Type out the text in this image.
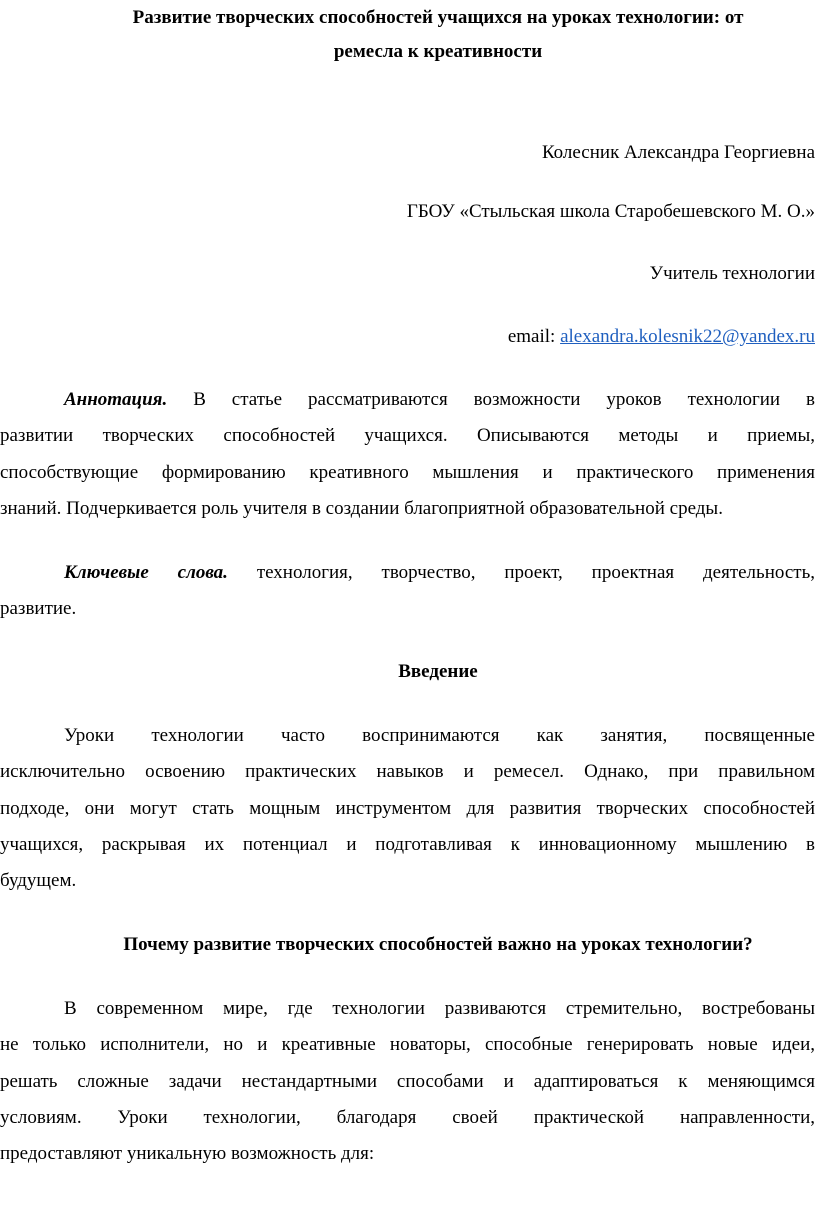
Развитие творческих способностей учащихся на уроках технологии: от
ремесла к креативности
Колесник Александра Георгиевна
ГБОУ «Стыльская школа Старобешевского М. О.»
Учитель технологии
email: alexandra.kolesnik22@yandex.ru
Аннотация. В статье рассматриваются возможности уроков технологии в
развитии творческих способностей учащихся. Описываются методы и приемы,
способствующие формированию креативного мышления и практического применения
знаний. Подчеркивается роль учителя в создании благоприятной образовательной среды.
Ключевые слова. технология, творчество, проект, проектная деятельность,
развитие.
Введение
Уроки технологии часто воспринимаются как занятия, посвященные
исключительно освоению практических навыков и ремесел. Однако, при правильном
подходе, они могут стать мощным инструментом для развития творческих способностей
учащихся, раскрывая их потенциал и подготавливая к инновационному мышлению в
будущем.
Почему развитие творческих способностей важно на уроках технологии?
В современном мире, где технологии развиваются стремительно, востребованы
не только исполнители, но и креативные новаторы, способные генерировать новые идеи,
решать сложные задачи нестандартными способами и адаптироваться к меняющимся
условиям. Уроки технологии, благодаря своей практической направленности,
предоставляют уникальную возможность для:
